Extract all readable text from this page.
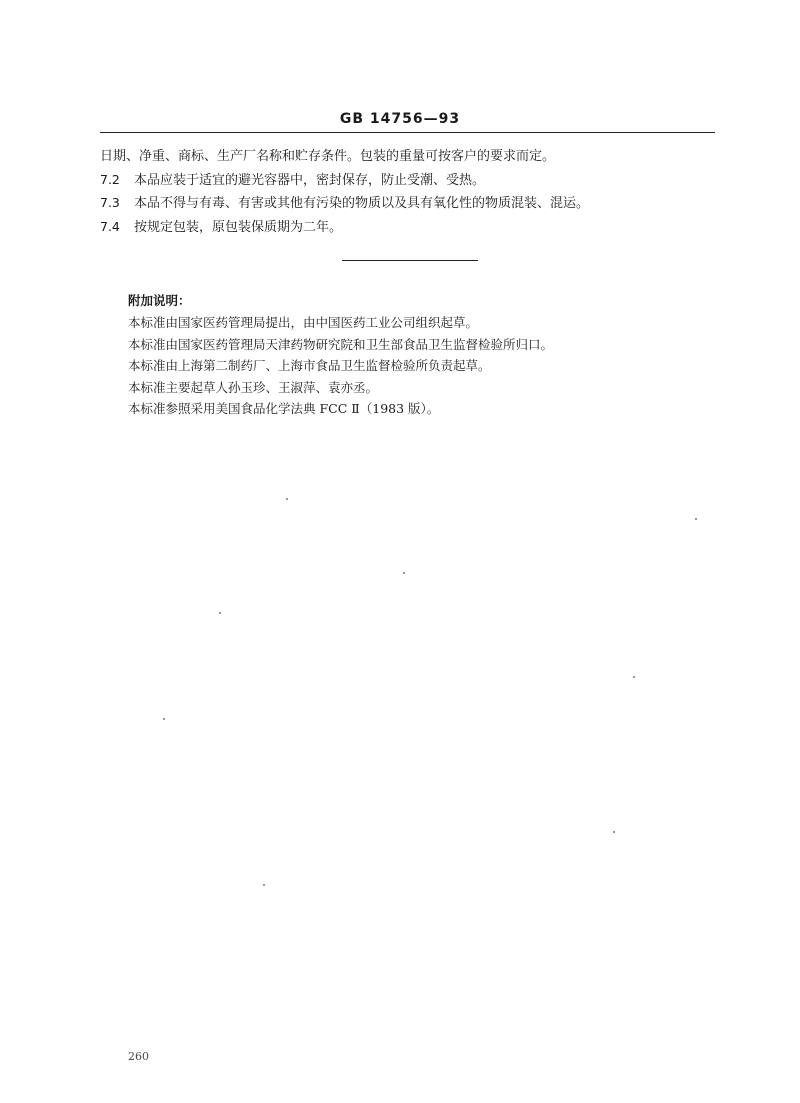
GB 14756—93
日期、净重、商标、生产厂名称和贮存条件。包装的重量可按客户的要求而定。
7.2 本品应装于适宜的避光容器中，密封保存，防止受潮、受热。
7.3 本品不得与有毒、有害或其他有污染的物质以及具有氧化性的物质混装、混运。
7.4 按规定包装，原包装保质期为二年。
附加说明：
本标准由国家医药管理局提出，由中国医药工业公司组织起草。
本标准由国家医药管理局天津药物研究院和卫生部食品卫生监督检验所归口。
本标准由上海第二制药厂、上海市食品卫生监督检验所负责起草。
本标准主要起草人孙玉珍、王淑萍、袁亦丞。
本标准参照采用美国食品化学法典 FCC Ⅱ（1983 版）。
260
